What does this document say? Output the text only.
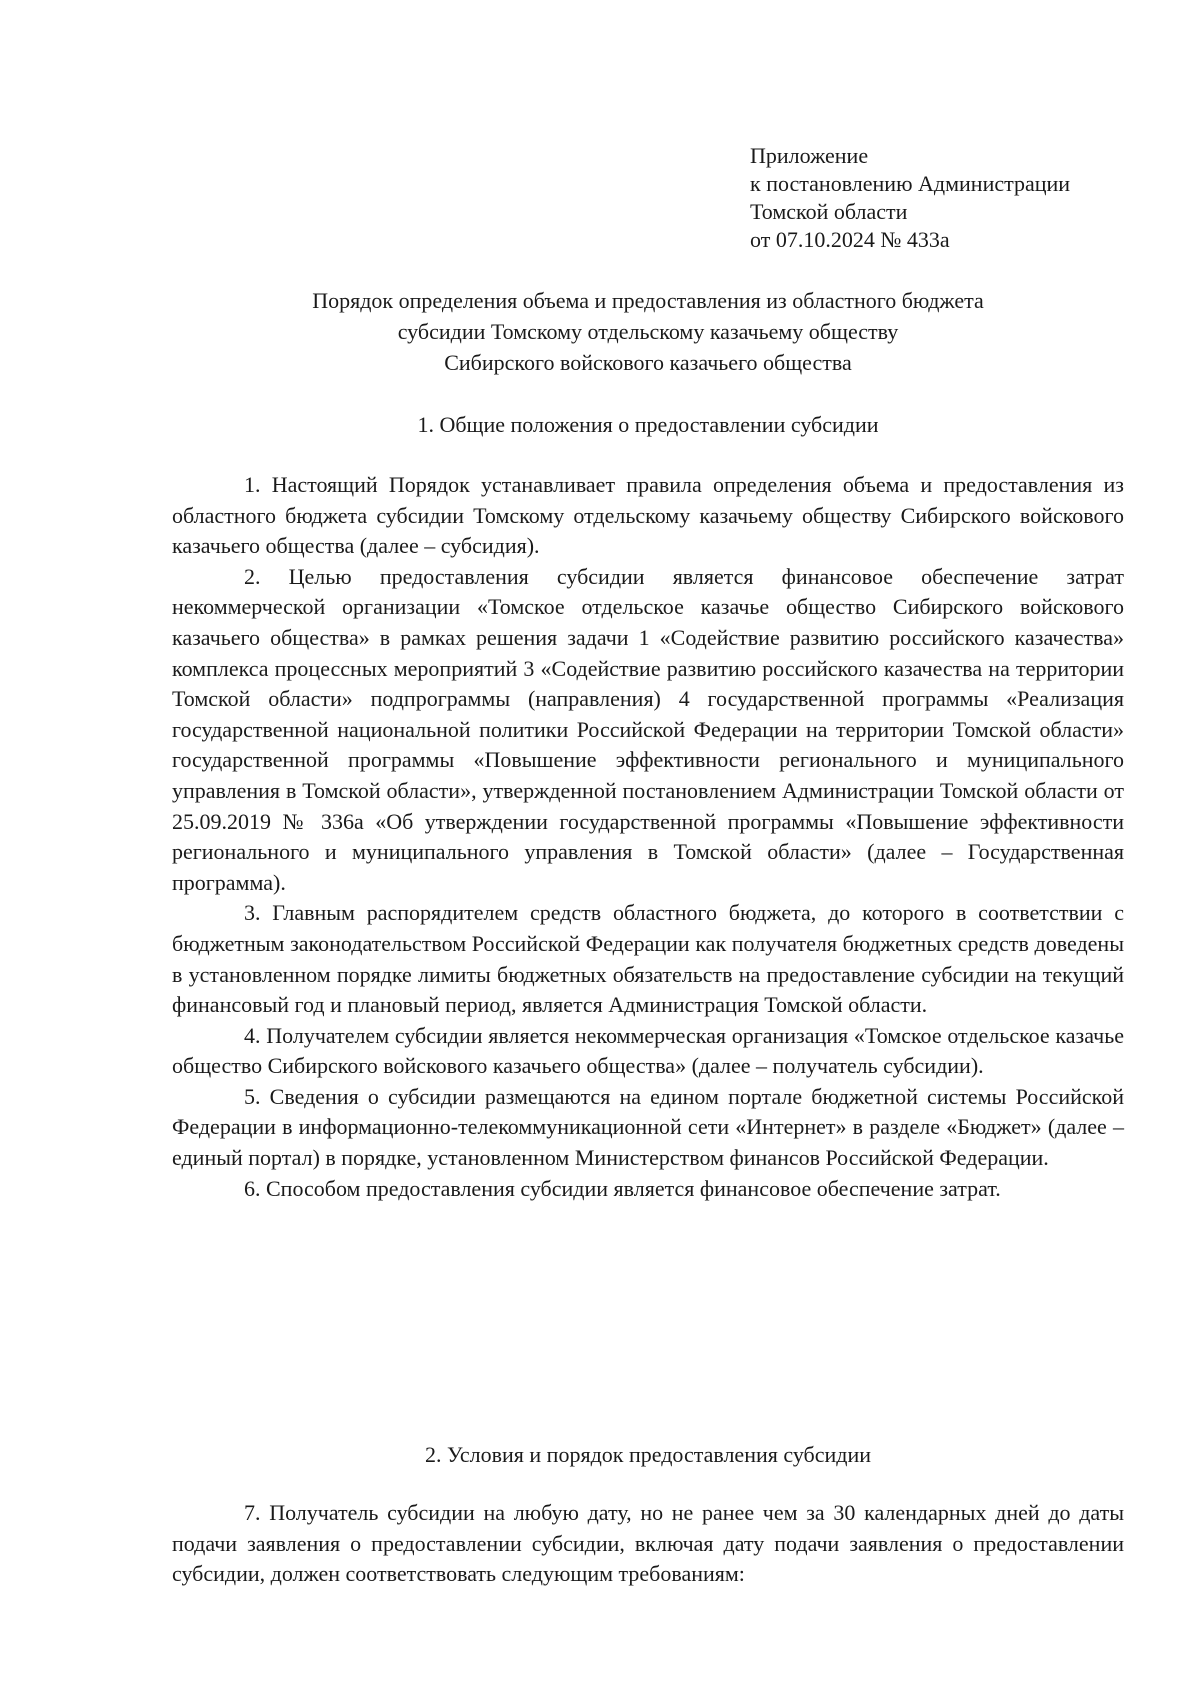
Приложение
к постановлению Администрации
Томской области
от 07.10.2024 № 433а
Порядок определения объема и предоставления из областного бюджета
субсидии Томскому отдельскому казачьему обществу
Сибирского войскового казачьего общества
1. Общие положения о предоставлении субсидии

1. Настоящий Порядок устанавливает правила определения объема и предоставления из областного бюджета субсидии Томскому отдельскому казачьему обществу Сибирского войскового казачьего общества (далее – субсидия).

2. Целью предоставления субсидии является финансовое обеспечение затрат некоммерческой организации «Томское отдельское казачье общество Сибирского войскового казачьего общества» в рамках решения задачи 1 «Содействие развитию российского казачества» комплекса процессных мероприятий 3 «Содействие развитию российского казачества на территории Томской области» подпрограммы (направления) 4 государственной программы «Реализация государственной национальной политики Российской Федерации на территории Томской области» государственной программы «Повышение эффективности регионального и муниципального управления в Томской области», утвержденной постановлением Администрации Томской области от 25.09.2019 № 336а «Об утверждении государственной программы «Повышение эффективности регионального и муниципального управления в Томской области» (далее – Государственная программа).

3. Главным распорядителем средств областного бюджета, до которого в соответствии с бюджетным законодательством Российской Федерации как получателя бюджетных средств доведены в установленном порядке лимиты бюджетных обязательств на предоставление субсидии на текущий финансовый год и плановый период, является Администрация Томской области.

4. Получателем субсидии является некоммерческая организация «Томское отдельское казачье общество Сибирского войскового казачьего общества» (далее – получатель субсидии).

5. Сведения о субсидии размещаются на едином портале бюджетной системы Российской Федерации в информационно-телекоммуникационной сети «Интернет» в разделе «Бюджет» (далее – единый портал) в порядке, установленном Министерством финансов Российской Федерации.

6. Способом предоставления субсидии является финансовое обеспечение затрат.

2. Условия и порядок предоставления субсидии

7. Получатель субсидии на любую дату, но не ранее чем за 30 календарных дней до даты подачи заявления о предоставлении субсидии, включая дату подачи заявления о предоставлении субсидии, должен соответствовать следующим требованиям:
